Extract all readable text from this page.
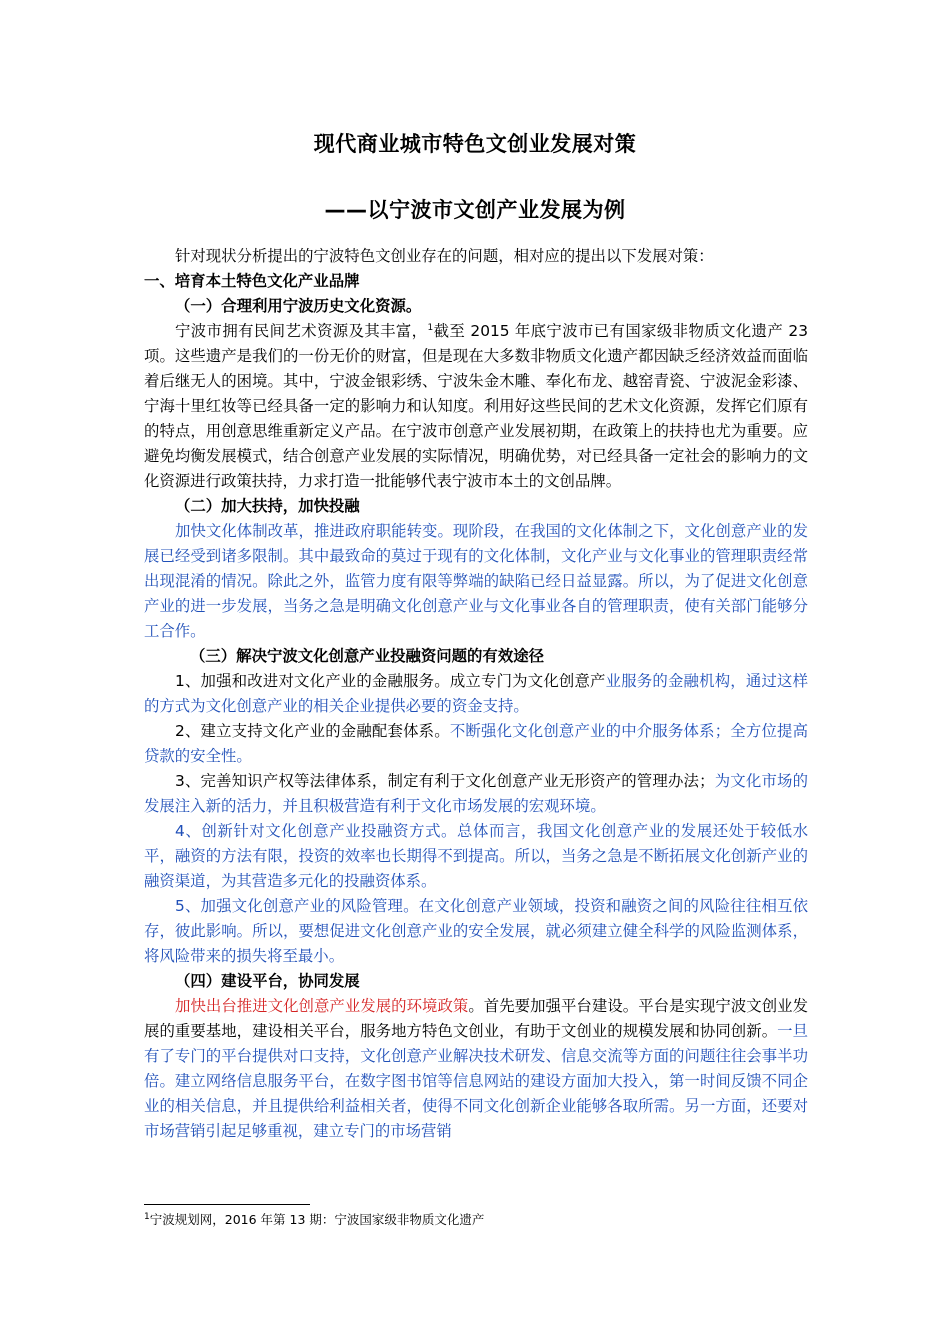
现代商业城市特色文创业发展对策
——以宁波市文创产业发展为例

针对现状分析提出的宁波特色文创业存在的问题，相对应的提出以下发展对策：

一、培育本土特色文化产业品牌

（一）合理利用宁波历史文化资源。

宁波市拥有民间艺术资源及其丰富，$^1$截至 2015 年底宁波市已有国家级非物质文化遗产 23 项。这些遗产是我们的一份无价的财富，但是现在大多数非物质文化遗产都因缺乏经济效益而面临着后继无人的困境。其中，宁波金银彩绣、宁波朱金木雕、奉化布龙、越窑青瓷、宁波泥金彩漆、宁海十里红妆等已经具备一定的影响力和认知度。利用好这些民间的艺术文化资源，发挥它们原有的特点，用创意思维重新定义产品。在宁波市创意产业发展初期，在政策上的扶持也尤为重要。应避免均衡发展模式，结合创意产业发展的实际情况，明确优势，对已经具备一定社会的影响力的文化资源进行政策扶持，力求打造一批能够代表宁波市本土的文创品牌。

（二）加大扶持，加快投融

加快文化体制改革，推进政府职能转变。现阶段，在我国的文化体制之下，文化创意产业的发展已经受到诸多限制。其中最致命的莫过于现有的文化体制，文化产业与文化事业的管理职责经常出现混淆的情况。除此之外，监管力度有限等弊端的缺陷已经日益显露。所以，为了促进文化创意产业的进一步发展，当务之急是明确文化创意产业与文化事业各自的管理职责，使有关部门能够分工合作。

（三）解决宁波文化创意产业投融资问题的有效途径

1、加强和改进对文化产业的金融服务。成立专门为文化创意产业服务的金融机构，通过这样的方式为文化创意产业的相关企业提供必要的资金支持。

2、建立支持文化产业的金融配套体系。不断强化文化创意产业的中介服务体系；全方位提高贷款的安全性。

3、完善知识产权等法律体系，制定有利于文化创意产业无形资产的管理办法；为文化市场的发展注入新的活力，并且积极营造有利于文化市场发展的宏观环境。

4、创新针对文化创意产业投融资方式。总体而言，我国文化创意产业的发展还处于较低水平，融资的方法有限，投资的效率也长期得不到提高。所以，当务之急是不断拓展文化创新产业的融资渠道，为其营造多元化的投融资体系。

5、加强文化创意产业的风险管理。在文化创意产业领域，投资和融资之间的风险往往相互依存，彼此影响。所以，要想促进文化创意产业的安全发展，就必须建立健全科学的风险监测体系，将风险带来的损失将至最小。

（四）建设平台，协同发展

加快出台推进文化创意产业发展的环境政策。首先要加强平台建设。平台是实现宁波文创业发展的重要基地，建设相关平台，服务地方特色文创业，有助于文创业的规模发展和协同创新。一旦有了专门的平台提供对口支持，文化创意产业解决技术研发、信息交流等方面的问题往往会事半功倍。建立网络信息服务平台，在数字图书馆等信息网站的建设方面加大投入，第一时间反馈不同企业的相关信息，并且提供给利益相关者，使得不同文化创新企业能够各取所需。另一方面，还要对市场营销引起足够重视，建立专门的市场营销

$^1$宁波规划网，2016 年第 13 期：宁波国家级非物质文化遗产
